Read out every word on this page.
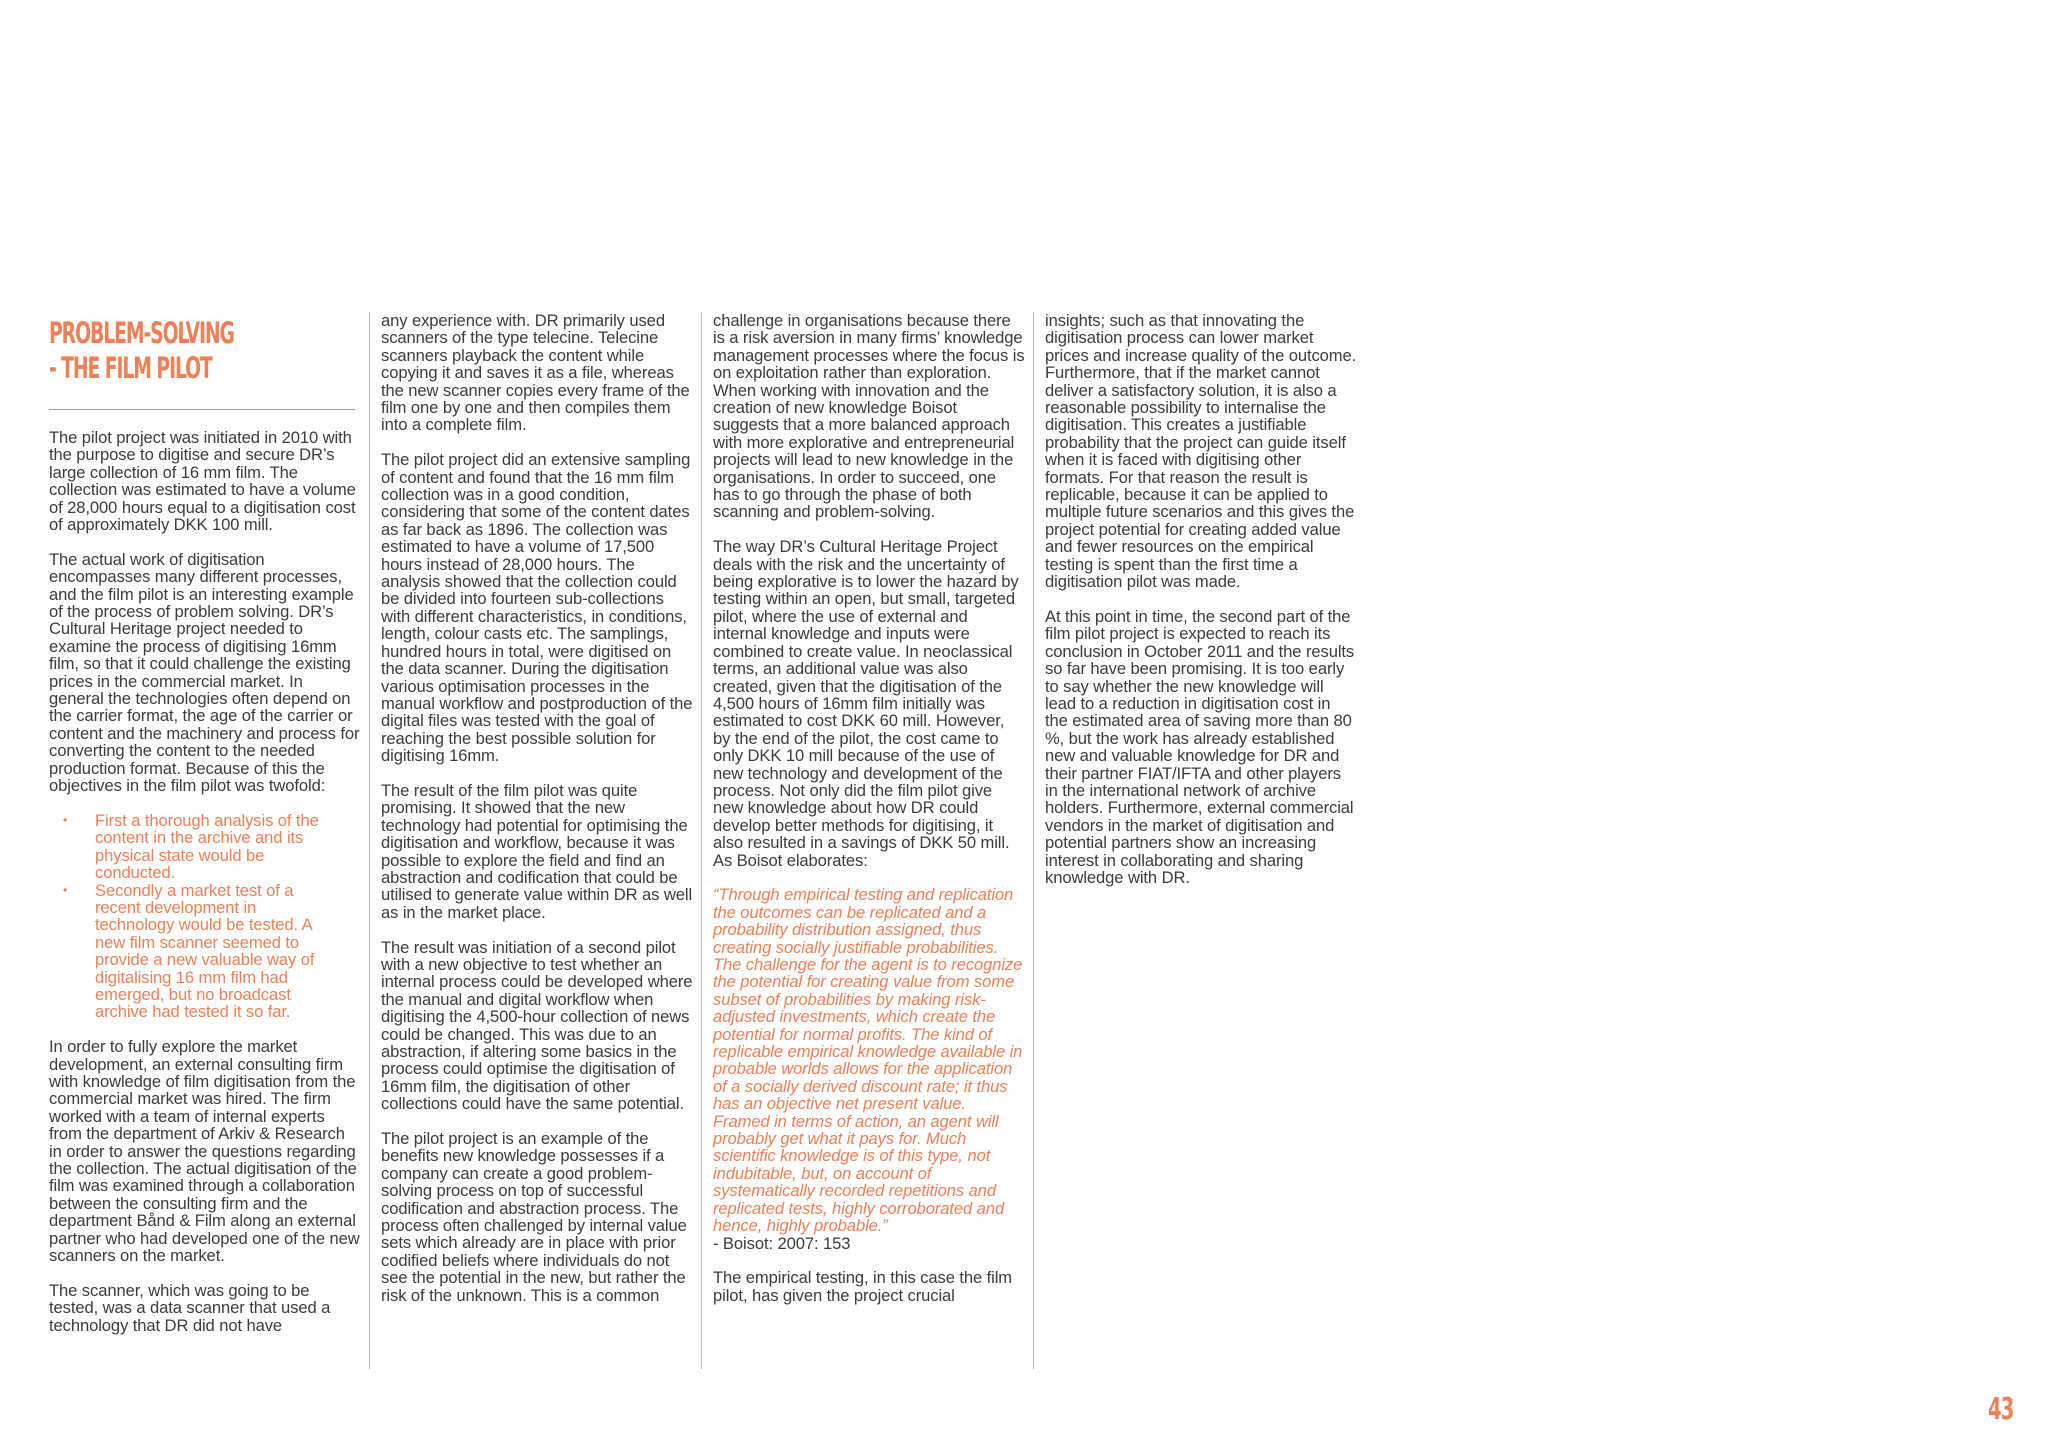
PROBLEM-SOLVING
- THE FILM PILOT

The pilot project was initiated in 2010 with the purpose to digitise and secure DR’s large collection of 16 mm film. The collection was estimated to have a volume of 28,000 hours equal to a digitisation cost of approximately DKK 100 mill.

The actual work of digitisation encompasses many different processes, and the film pilot is an interesting example of the process of problem solving. DR’s Cultural Heritage project needed to examine the process of digitising 16mm film, so that it could challenge the existing prices in the commercial market. In general the technologies often depend on the carrier format, the age of the carrier or content and the machinery and process for converting the content to the needed production format. Because of this the objectives in the film pilot was twofold:

• First a thorough analysis of the content in the archive and its physical state would be conducted.
• Secondly a market test of a recent development in technology would be tested. A new film scanner seemed to provide a new valuable way of digitalising 16 mm film had emerged, but no broadcast archive had tested it so far.

In order to fully explore the market development, an external consulting firm with knowledge of film digitisation from the commercial market was hired. The firm worked with a team of internal experts from the department of Arkiv & Research in order to answer the questions regarding the collection. The actual digitisation of the film was examined through a collaboration between the consulting firm and the department Bånd & Film along an external partner who had developed one of the new scanners on the market.

The scanner, which was going to be tested, was a data scanner that used a technology that DR did not have

any experience with. DR primarily used scanners of the type telecine. Telecine scanners playback the content while copying it and saves it as a file, whereas the new scanner copies every frame of the film one by one and then compiles them into a complete film.

The pilot project did an extensive sampling of content and found that the 16 mm film collection was in a good condition, considering that some of the content dates as far back as 1896. The collection was estimated to have a volume of 17,500 hours instead of 28,000 hours. The analysis showed that the collection could be divided into fourteen sub-collections with different characteristics, in conditions, length, colour casts etc. The samplings, hundred hours in total, were digitised on the data scanner. During the digitisation various optimisation processes in the manual workflow and postproduction of the digital files was tested with the goal of reaching the best possible solution for digitising 16mm.

The result of the film pilot was quite promising. It showed that the new technology had potential for optimising the digitisation and workflow, because it was possible to explore the field and find an abstraction and codification that could be utilised to generate value within DR as well as in the market place.

The result was initiation of a second pilot with a new objective to test whether an internal process could be developed where the manual and digital workflow when digitising the 4,500-hour collection of news could be changed. This was due to an abstraction, if altering some basics in the process could optimise the digitisation of 16mm film, the digitisation of other collections could have the same potential.

The pilot project is an example of the benefits new knowledge possesses if a company can create a good problem-solving process on top of successful codification and abstraction process. The process often challenged by internal value sets which already are in place with prior codified beliefs where individuals do not see the potential in the new, but rather the risk of the unknown. This is a common

challenge in organisations because there is a risk aversion in many firms’ knowledge management processes where the focus is on exploitation rather than exploration. When working with innovation and the creation of new knowledge Boisot suggests that a more balanced approach with more explorative and entrepreneurial projects will lead to new knowledge in the organisations. In order to succeed, one has to go through the phase of both scanning and problem-solving.

The way DR’s Cultural Heritage Project deals with the risk and the uncertainty of being explorative is to lower the hazard by testing within an open, but small, targeted pilot, where the use of external and internal knowledge and inputs were combined to create value. In neoclassical terms, an additional value was also created, given that the digitisation of the 4,500 hours of 16mm film initially was estimated to cost DKK 60 mill. However, by the end of the pilot, the cost came to only DKK 10 mill because of the use of new technology and development of the process. Not only did the film pilot give new knowledge about how DR could develop better methods for digitising, it also resulted in a savings of DKK 50 mill. As Boisot elaborates:

“Through empirical testing and replication the outcomes can be replicated and a probability distribution assigned, thus creating socially justifiable probabilities. The challenge for the agent is to recognize the potential for creating value from some subset of probabilities by making risk-adjusted investments, which create the potential for normal profits. The kind of replicable empirical knowledge available in probable worlds allows for the application of a socially derived discount rate; it thus has an objective net present value. Framed in terms of action, an agent will probably get what it pays for. Much scientific knowledge is of this type, not indubitable, but, on account of systematically recorded repetitions and replicated tests, highly corroborated and hence, highly probable.”

- Boisot: 2007: 153

The empirical testing, in this case the film pilot, has given the project crucial

insights; such as that innovating the digitisation process can lower market prices and increase quality of the outcome. Furthermore, that if the market cannot deliver a satisfactory solution, it is also a reasonable possibility to internalise the digitisation. This creates a justifiable probability that the project can guide itself when it is faced with digitising other formats. For that reason the result is replicable, because it can be applied to multiple future scenarios and this gives the project potential for creating added value and fewer resources on the empirical testing is spent than the first time a digitisation pilot was made.

At this point in time, the second part of the film pilot project is expected to reach its conclusion in October 2011 and the results so far have been promising. It is too early to say whether the new knowledge will lead to a reduction in digitisation cost in the estimated area of saving more than 80 %, but the work has already established new and valuable knowledge for DR and their partner FIAT/IFTA and other players in the international network of archive holders. Furthermore, external commercial vendors in the market of digitisation and potential partners show an increasing interest in collaborating and sharing knowledge with DR.

43
